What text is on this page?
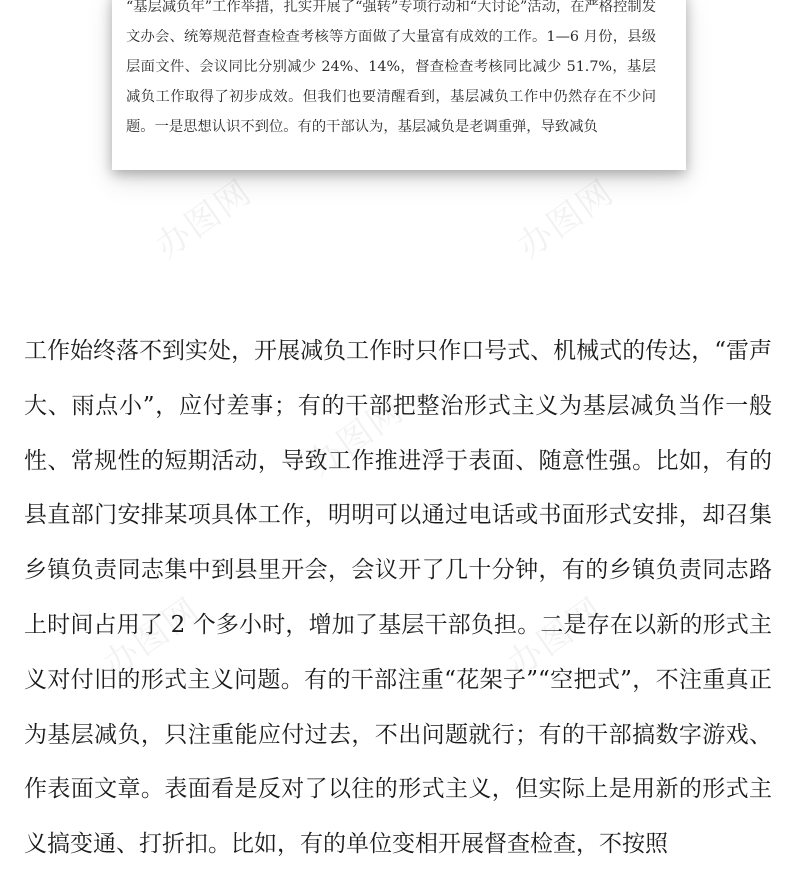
办图网	办图网
办图网
办图网	办图网

“基层减负年”工作举措，扎实开展了“强转”专项行动和“大讨论”活动，在严格控制发文办会、统筹规范督查检查考核等方面做了大量富有成效的工作。1—6 月份，县级层面文件、会议同比分别减少 24%、14%，督查检查考核同比减少 51.7%，基层减负工作取得了初步成效。但我们也要清醒看到，基层减负工作中仍然存在不少问题。一是思想认识不到位。有的干部认为，基层减负是老调重弹，导致减负

工作始终落不到实处，开展减负工作时只作口号式、机械式的传达，“雷声大、雨点小”，应付差事；有的干部把整治形式主义为基层减负当作一般性、常规性的短期活动，导致工作推进浮于表面、随意性强。比如，有的县直部门安排某项具体工作，明明可以通过电话或书面形式安排，却召集乡镇负责同志集中到县里开会，会议开了几十分钟，有的乡镇负责同志路上时间占用了 2 个多小时，增加了基层干部负担。二是存在以新的形式主义对付旧的形式主义问题。有的干部注重“花架子”“空把式”，不注重真正为基层减负，只注重能应付过去，不出问题就行；有的干部搞数字游戏、作表面文章。表面看是反对了以往的形式主义，但实际上是用新的形式主义搞变通、打折扣。比如，有的单位变相开展督查检查，不按照
